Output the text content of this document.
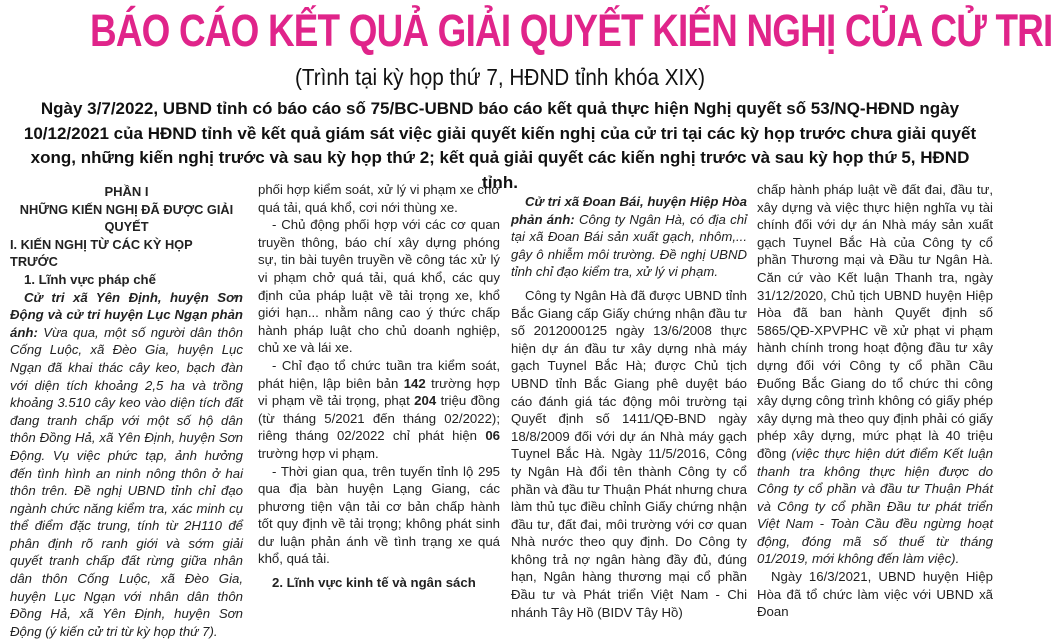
BÁO CÁO KẾT QUẢ GIẢI QUYẾT KIẾN NGHỊ CỦA CỬ TRI
(Trình tại kỳ họp thứ 7, HĐND tỉnh khóa XIX)
Ngày 3/7/2022, UBND tỉnh có báo cáo số 75/BC-UBND báo cáo kết quả thực hiện Nghị quyết số 53/NQ-HĐND ngày 10/12/2021 của HĐND tỉnh về kết quả giám sát việc giải quyết kiến nghị của cử tri tại các kỳ họp trước chưa giải quyết xong, những kiến nghị trước và sau kỳ họp thứ 2; kết quả giải quyết các kiến nghị trước và sau kỳ họp thứ 5, HĐND tỉnh.

PHẦN I

NHỮNG KIẾN NGHỊ ĐÃ ĐƯỢC GIẢI QUYẾT

I. KIẾN NGHỊ TỪ CÁC KỲ HỌP TRƯỚC

1. Lĩnh vực pháp chế

Cử tri xã Yên Định, huyện Sơn Động và cử tri huyện Lục Ngạn phản ánh: Vừa qua, một số người dân thôn Cống Luộc, xã Đèo Gia, huyện Lục Ngạn đã khai thác cây keo, bạch đàn với diện tích khoảng 2,5 ha và trồng khoảng 3.510 cây keo vào diện tích đất đang tranh chấp với một số hộ dân thôn Đồng Hả, xã Yên Định, huyện Sơn Động. Vụ việc phức tạp, ảnh hưởng đến tình hình an ninh nông thôn ở hai thôn trên. Đề nghị UBND tỉnh chỉ đạo ngành chức năng kiểm tra, xác minh cụ thể điểm đặc trung, tính từ 2H110 để phân định rõ ranh giới và sớm giải quyết tranh chấp đất rừng giữa nhân dân thôn Cống Luộc, xã Đèo Gia, huyện Lục Ngạn với nhân dân thôn Đồng Hả, xã Yên Định, huyện Sơn Động (ý kiến cử tri từ kỳ họp thứ 7).

phối hợp kiểm soát, xử lý vi phạm xe chở quá tải, quá khổ, cơi nới thùng xe.

- Chủ động phối hợp với các cơ quan truyền thông, báo chí xây dựng phóng sự, tin bài tuyên truyền về công tác xử lý vi phạm chở quá tải, quá khổ, các quy định của pháp luật về tải trọng xe, khổ giới hạn... nhằm nâng cao ý thức chấp hành pháp luật cho chủ doanh nghiệp, chủ xe và lái xe.

- Chỉ đạo tổ chức tuần tra kiểm soát, phát hiện, lập biên bản 142 trường hợp vi phạm về tải trọng, phạt 204 triệu đồng (từ tháng 5/2021 đến tháng 02/2022); riêng tháng 02/2022 chỉ phát hiện 06 trường hợp vi phạm.

- Thời gian qua, trên tuyến tỉnh lộ 295 qua địa bàn huyện Lạng Giang, các phương tiện vận tải cơ bản chấp hành tốt quy định về tải trọng; không phát sinh dư luận phản ánh về tình trạng xe quá khổ, quá tải.

2. Lĩnh vực kinh tế và ngân sách

Cử tri xã Đoan Bái, huyện Hiệp Hòa phản ánh: Công ty Ngân Hà, có địa chỉ tại xã Đoan Bái sản xuất gạch, nhôm,... gây ô nhiễm môi trường. Đề nghị UBND tỉnh chỉ đạo kiểm tra, xử lý vi phạm.

Công ty Ngân Hà đã được UBND tỉnh Bắc Giang cấp Giấy chứng nhận đầu tư số 2012000125 ngày 13/6/2008 thực hiện dự án đầu tư xây dựng nhà máy gạch Tuynel Bắc Hà; được Chủ tịch UBND tỉnh Bắc Giang phê duyệt báo cáo đánh giá tác động môi trường tại Quyết định số 1411/QĐ-BND ngày 18/8/2009 đối với dự án Nhà máy gạch Tuynel Bắc Hà. Ngày 11/5/2016, Công ty Ngân Hà đổi tên thành Công ty cổ phần và đầu tư Thuận Phát nhưng chưa làm thủ tục điều chỉnh Giấy chứng nhận đầu tư, đất đai, môi trường với cơ quan Nhà nước theo quy định. Do Công ty không trả nợ ngân hàng đầy đủ, đúng hạn, Ngân hàng thương mại cổ phần Đầu tư và Phát triển Việt Nam - Chi nhánh Tây Hồ (BIDV Tây Hồ)

chấp hành pháp luật về đất đai, đầu tư, xây dựng và việc thực hiện nghĩa vụ tài chính đối với dự án Nhà máy sản xuất gạch Tuynel Bắc Hà của Công ty cổ phần Thương mại và Đầu tư Ngân Hà. Căn cứ vào Kết luận Thanh tra, ngày 31/12/2020, Chủ tịch UBND huyện Hiệp Hòa đã ban hành Quyết định số 5865/QĐ-XPVPHC về xử phạt vi phạm hành chính trong hoạt động đầu tư xây dựng đối với Công ty cổ phần Cầu Đuống Bắc Giang do tổ chức thi công xây dựng công trình không có giấy phép xây dựng mà theo quy định phải có giấy phép xây dựng, mức phạt là 40 triệu đồng (việc thực hiện dứt điểm Kết luận thanh tra không thực hiện được do Công ty cổ phần và đầu tư Thuận Phát và Công ty cổ phần Đầu tư phát triển Việt Nam - Toàn Cầu đều ngừng hoạt động, đóng mã số thuế từ tháng 01/2019, mới không đến làm việc).

Ngày 16/3/2021, UBND huyện Hiệp Hòa đã tổ chức làm việc với UBND xã Đoan
